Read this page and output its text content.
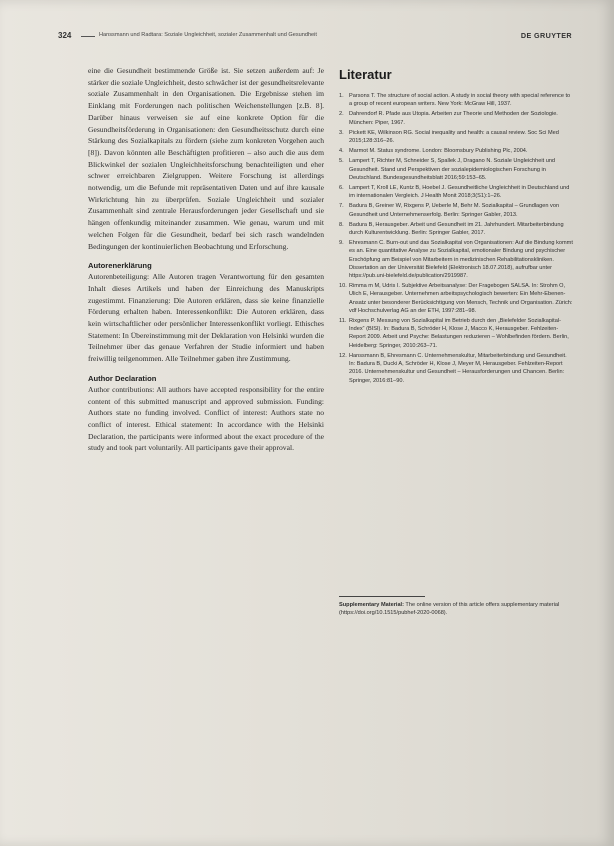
324	Hanssmann und Radtara: Soziale Ungleichheit, sozialer Zusammenhalt und Gesundheit	DE GRUYTER

eine die Gesundheit bestimmende Größe ist. Sie setzen außerdem auf: Je stärker die soziale Ungleichheit, desto schwächer ist der gesundheitsrelevante soziale Zusammenhalt in den Organisationen. Die Ergebnisse stehen im Einklang mit Forderungen nach politischen Weichenstellungen [z.B. 8]. Darüber hinaus verweisen sie auf eine konkrete Option für die Gesundheitsförderung in Organisationen: den Gesundheitsschutz durch eine Stärkung des Sozialkapitals zu fördern (siehe zum konkreten Vorgehen auch [8]). Davon könnten alle Beschäftigten profitieren – also auch die aus dem Blickwinkel der sozialen Ungleichheitsforschung benachteiligten und eher schwer erreichbaren Zielgruppen. Weitere Forschung ist allerdings notwendig, um die Befunde mit repräsentativen Daten und auf ihre kausale Wirkrichtung hin zu überprüfen. Soziale Ungleichheit und sozialer Zusammenhalt sind zentrale Herausforderungen jeder Gesellschaft und sie hängen offenkundig miteinander zusammen. Wie genau, warum und mit welchen Folgen für die Gesundheit, bedarf bei sich rasch wandelnden Bedingungen der kontinuierlichen Beobachtung und Erforschung.

Autorenerklärung

Autorenbeteiligung: Alle Autoren tragen Verantwortung für den gesamten Inhalt dieses Artikels und haben der Einreichung des Manuskripts zugestimmt. Finanzierung: Die Autoren erklären, dass sie keine finanzielle Förderung erhalten haben. Interessenkonflikt: Die Autoren erklären, dass kein wirtschaftlicher oder persönlicher Interessenkonflikt vorliegt. Ethisches Statement: In Übereinstimmung mit der Deklaration von Helsinki wurden die Teilnehmer über das genaue Verfahren der Studie informiert und haben freiwillig teilgenommen. Alle Teilnehmer gaben ihre Zustimmung.

Author Declaration

Author contributions: All authors have accepted responsibility for the entire content of this submitted manuscript and approved submission. Funding: Authors state no funding involved. Conflict of interest: Authors state no conflict of interest. Ethical statement: In accordance with the Helsinki Declaration, the participants were informed about the exact procedure of the study and took part voluntarily. All participants gave their approval.

Literatur
1. Parsons T. The structure of social action. A study in social theory with special reference to a group of recent european writers. New York: McGraw Hill, 1937.
2. Dahrendorf R. Pfade aus Utopia. Arbeiten zur Theorie und Methoden der Soziologie. München: Piper, 1967.
3. Pickett KE, Wilkinson RG. Social inequality and health: a causal review. Soc Sci Med 2015;128:316–26.
4. Marmot M. Status syndrome. London: Bloomsbury Publishing Plc, 2004.
5. Lampert T, Richter M, Schneider S, Spallek J, Dragano N. Soziale Ungleichheit und Gesundheit. Stand und Perspektiven der sozialepidemiologischen Forschung in Deutschland. Bundesgesundheitsblatt 2016;59:153–65.
6. Lampert T, Kroll LE, Kuntz B, Hoebel J. Gesundheitliche Ungleichheit in Deutschland und im internationalen Vergleich. J Health Monit 2018;3(S1):1–26.
7. Badura B, Greiner W, Rixgens P, Ueberle M, Behr M. Sozialkapital – Grundlagen von Gesundheit und Unternehmenserfolg. Berlin: Springer Gabler, 2013.
8. Badura B, Herausgeber. Arbeit und Gesundheit im 21. Jahrhundert. Mitarbeiterbindung durch Kulturentwicklung. Berlin: Springer Gabler, 2017.
9. Ehresmann C. Burn-out und das Sozialkapital von Organisationen: Auf die Bindung kommt es an. Eine quantitative Analyse zu Sozialkapital, emotionaler Bindung und psychischer Erschöpfung am Beispiel von Mitarbeitern in medizinischen Rehabilitationskliniken. Dissertation an der Universität Bielefeld (Elektronisch 18.07.2018), aufrufbar unter https://pub.uni-bielefeld.de/publication/2919987.
10. Rimma m M, Udris I. Subjektive Arbeitsanalyse: Der Fragebogen SALSA. In: Strohm O, Ulich E, Herausgeber. Unternehmen arbeitspsychologisch bewerten: Ein Mehr-Ebenen-Ansatz unter besonderer Berücksichtigung von Mensch, Technik und Organisation. Zürich: vdf Hochschulverlag AG an der ETH, 1997:281–98.
11. Rixgens P. Messung von Sozialkapital im Betrieb durch den „Bielefelder Sozialkapital-Index“ (BISI). In: Badura B, Schröder H, Klose J, Macco K, Herausgeber. Fehlzeiten-Report 2009. Arbeit und Psyche: Belastungen reduzieren – Wohlbefinden fördern. Berlin, Heidelberg: Springer, 2010:263–71.
12. Hanssmann B, Ehresmann C. Unternehmenskultur, Mitarbeiterbindung und Gesundheit. In: Badura B, Ducki A, Schröder H, Klose J, Meyer M, Herausgeber. Fehlzeiten-Report 2016. Unternehmenskultur und Gesundheit – Herausforderungen und Chancen. Berlin: Springer, 2016:81–90.
Supplementary Material: The online version of this article offers supplementary material (https://doi.org/10.1515/pubhef-2020-0068).
